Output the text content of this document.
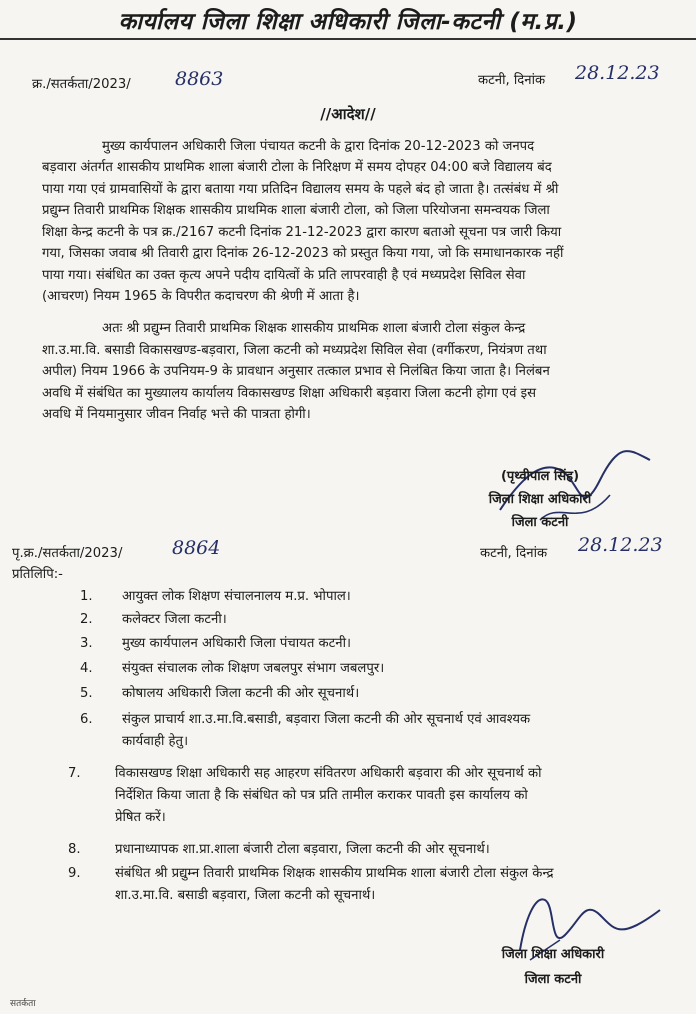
कार्यालय जिला शिक्षा अधिकारी जिला-कटनी (म.प्र.)
क्र./सतर्कता/2023/ 8863	कटनी, दिनांक 28.12.23
//आदेश//
मुख्य कार्यपालन अधिकारी जिला पंचायत कटनी के द्वारा दिनांक 20-12-2023 को जनपद
बड़वारा अंतर्गत शासकीय प्राथमिक शाला बंजारी टोला के निरिक्षण में समय दोपहर 04:00 बजे विद्यालय बंद
पाया गया एवं ग्रामवासियों के द्वारा बताया गया प्रतिदिन विद्यालय समय के पहले बंद हो जाता है। तत्संबंध में श्री
प्रद्युम्न तिवारी प्राथमिक शिक्षक शासकीय प्राथमिक शाला बंजारी टोला, को जिला परियोजना समन्वयक जिला
शिक्षा केन्द्र कटनी के पत्र क्र./2167 कटनी दिनांक 21-12-2023 द्वारा कारण बताओ सूचना पत्र जारी किया
गया, जिसका जवाब श्री तिवारी द्वारा दिनांक 26-12-2023 को प्रस्तुत किया गया, जो कि समाधानकारक नहीं
पाया गया। संबंधित का उक्त कृत्य अपने पदीय दायित्वों के प्रति लापरवाही है एवं मध्यप्रदेश सिविल सेवा
(आचरण) नियम 1965 के विपरीत कदाचरण की श्रेणी में आता है।
अतः श्री प्रद्युम्न तिवारी प्राथमिक शिक्षक शासकीय प्राथमिक शाला बंजारी टोला संकुल केन्द्र
शा.उ.मा.वि. बसाडी विकासखण्ड-बड़वारा, जिला कटनी को मध्यप्रदेश सिविल सेवा (वर्गीकरण, नियंत्रण तथा
अपील) नियम 1966 के उपनियम-9 के प्रावधान अनुसार तत्काल प्रभाव से निलंबित किया जाता है। निलंबन
अवधि में संबंधित का मुख्यालय कार्यालय विकासखण्ड शिक्षा अधिकारी बड़वारा जिला कटनी होगा एवं इस
अवधि में नियमानुसार जीवन निर्वाह भत्ते की पात्रता होगी।
(पृथ्वीपाल सिंह)
जिला शिक्षा अधिकारी
जिला कटनी
पृ.क्र./सतर्कता/2023/	8864	कटनी, दिनांक 28.12.23
प्रतिलिपि:-
1. आयुक्त लोक शिक्षण संचालनालय म.प्र. भोपाल।
2. कलेक्टर जिला कटनी।
3. मुख्य कार्यपालन अधिकारी जिला पंचायत कटनी।
4. संयुक्त संचालक लोक शिक्षण जबलपुर संभाग जबलपुर।
5. कोषालय अधिकारी जिला कटनी की ओर सूचनार्थ।
6. संकुल प्राचार्य शा.उ.मा.वि.बसाडी, बड़वारा जिला कटनी की ओर सूचनार्थ एवं आवश्यक
कार्यवाही हेतु।
7.	विकासखण्ड शिक्षा अधिकारी सह आहरण संवितरण अधिकारी बड़वारा की ओर सूचनार्थ को
निर्देशित किया जाता है कि संबंधित को पत्र प्रति तामील कराकर पावती इस कार्यालय को
प्रेषित करें।
8.	प्रधानाध्यापक शा.प्रा.शाला बंजारी टोला बड़वारा, जिला कटनी की ओर सूचनार्थ।
9.	संबंधित श्री प्रद्युम्न तिवारी प्राथमिक शिक्षक शासकीय प्राथमिक शाला बंजारी टोला संकुल केन्द्र
शा.उ.मा.वि. बसाडी बड़वारा, जिला कटनी को सूचनार्थ।
जिला शिक्षा अधिकारी
जिला कटनी
सतर्कता
